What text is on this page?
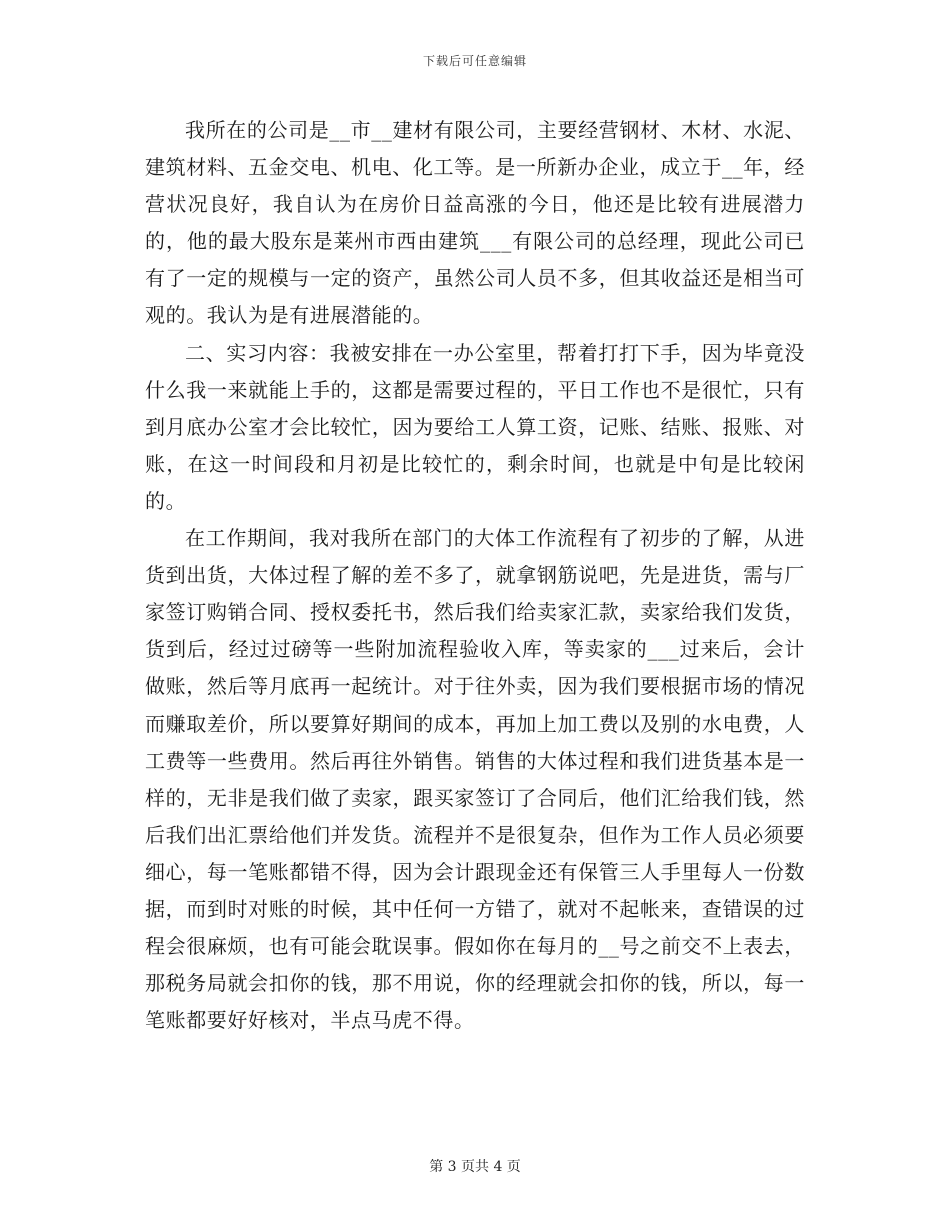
下载后可任意编辑

我所在的公司是__市__建材有限公司，主要经营钢材、木材、水泥、建筑材料、五金交电、机电、化工等。是一所新办企业，成立于__年，经营状况良好，我自认为在房价日益高涨的今日，他还是比较有进展潜力的，他的最大股东是莱州市西由建筑___有限公司的总经理，现此公司已有了一定的规模与一定的资产，虽然公司人员不多，但其收益还是相当可观的。我认为是有进展潜能的。

二、实习内容：我被安排在一办公室里，帮着打打下手，因为毕竟没什么我一来就能上手的，这都是需要过程的，平日工作也不是很忙，只有到月底办公室才会比较忙，因为要给工人算工资，记账、结账、报账、对账，在这一时间段和月初是比较忙的，剩余时间，也就是中旬是比较闲的。

在工作期间，我对我所在部门的大体工作流程有了初步的了解，从进货到出货，大体过程了解的差不多了，就拿钢筋说吧，先是进货，需与厂家签订购销合同、授权委托书，然后我们给卖家汇款，卖家给我们发货，货到后，经过过磅等一些附加流程验收入库，等卖家的___过来后，会计做账，然后等月底再一起统计。对于往外卖，因为我们要根据市场的情况而赚取差价，所以要算好期间的成本，再加上加工费以及别的水电费，人工费等一些费用。然后再往外销售。销售的大体过程和我们进货基本是一样的，无非是我们做了卖家，跟买家签订了合同后，他们汇给我们钱，然后我们出汇票给他们并发货。流程并不是很复杂，但作为工作人员必须要细心，每一笔账都错不得，因为会计跟现金还有保管三人手里每人一份数据，而到时对账的时候，其中任何一方错了，就对不起帐来，查错误的过程会很麻烦，也有可能会耽误事。假如你在每月的__号之前交不上表去，那税务局就会扣你的钱，那不用说，你的经理就会扣你的钱，所以，每一笔账都要好好核对，半点马虎不得。

第 3 页共 4 页
